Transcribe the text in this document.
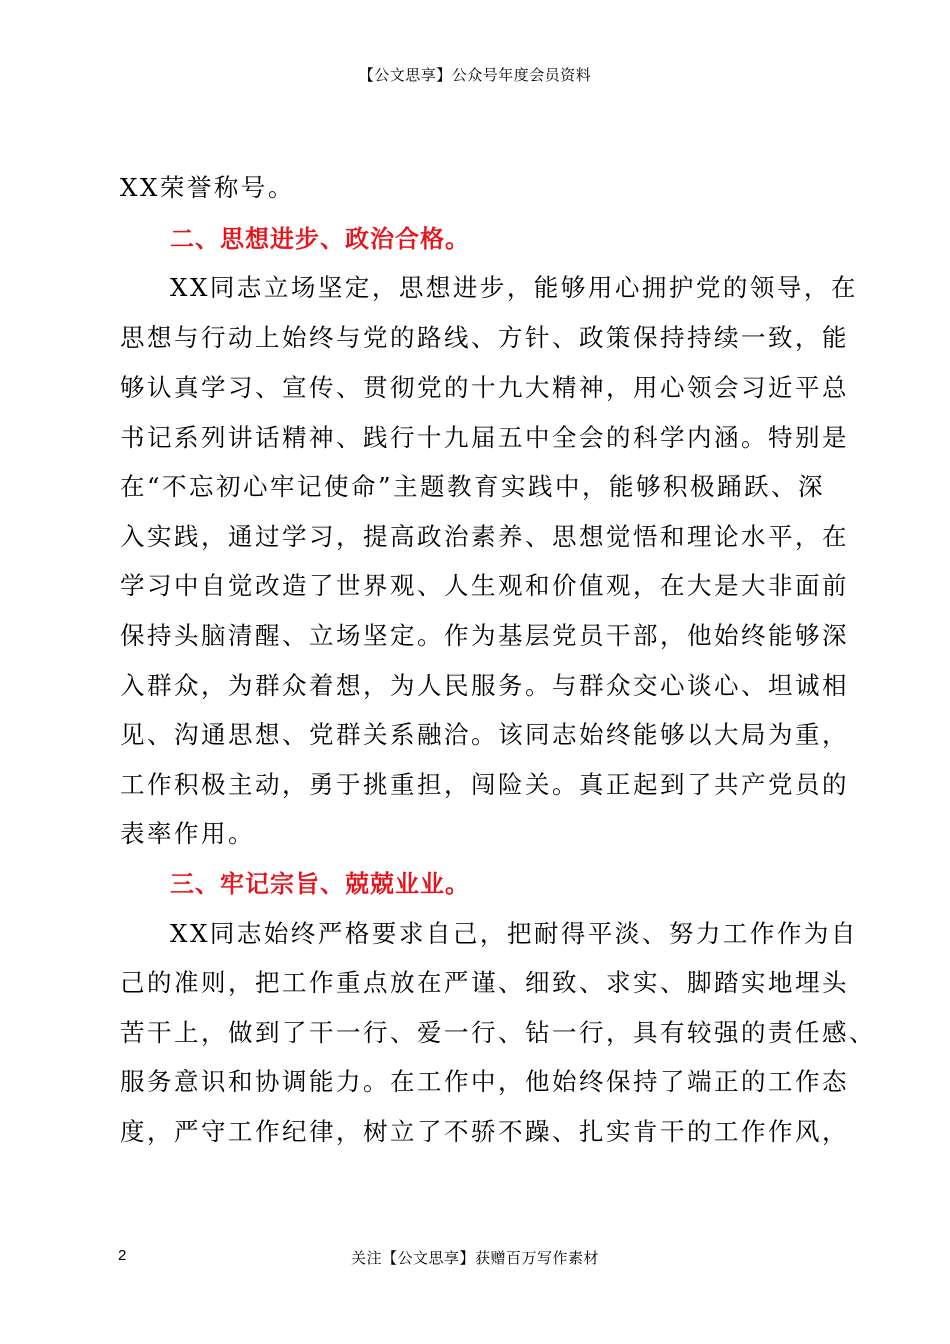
【公文思享】公众号年度会员资料
XX荣誉称号。
二、思想进步、政治合格。
XX同志立场坚定，思想进步，能够用心拥护党的领导，在
思想与行动上始终与党的路线、方针、政策保持持续一致，能
够认真学习、宣传、贯彻党的十九大精神，用心领会习近平总
书记系列讲话精神、践行十九届五中全会的科学内涵。特别是
在“不忘初心牢记使命”主题教育实践中，能够积极踊跃、深
入实践，通过学习，提高政治素养、思想觉悟和理论水平，在
学习中自觉改造了世界观、人生观和价值观，在大是大非面前
保持头脑清醒、立场坚定。作为基层党员干部，他始终能够深
入群众，为群众着想，为人民服务。与群众交心谈心、坦诚相
见、沟通思想、党群关系融洽。该同志始终能够以大局为重，
工作积极主动，勇于挑重担，闯险关。真正起到了共产党员的
表率作用。
三、牢记宗旨、兢兢业业。
XX同志始终严格要求自己，把耐得平淡、努力工作作为自
己的准则，把工作重点放在严谨、细致、求实、脚踏实地埋头
苦干上，做到了干一行、爱一行、钻一行，具有较强的责任感、
服务意识和协调能力。在工作中，他始终保持了端正的工作态
度，严守工作纪律，树立了不骄不躁、扎实肯干的工作作风，
2	关注【公文思享】获赠百万写作素材
